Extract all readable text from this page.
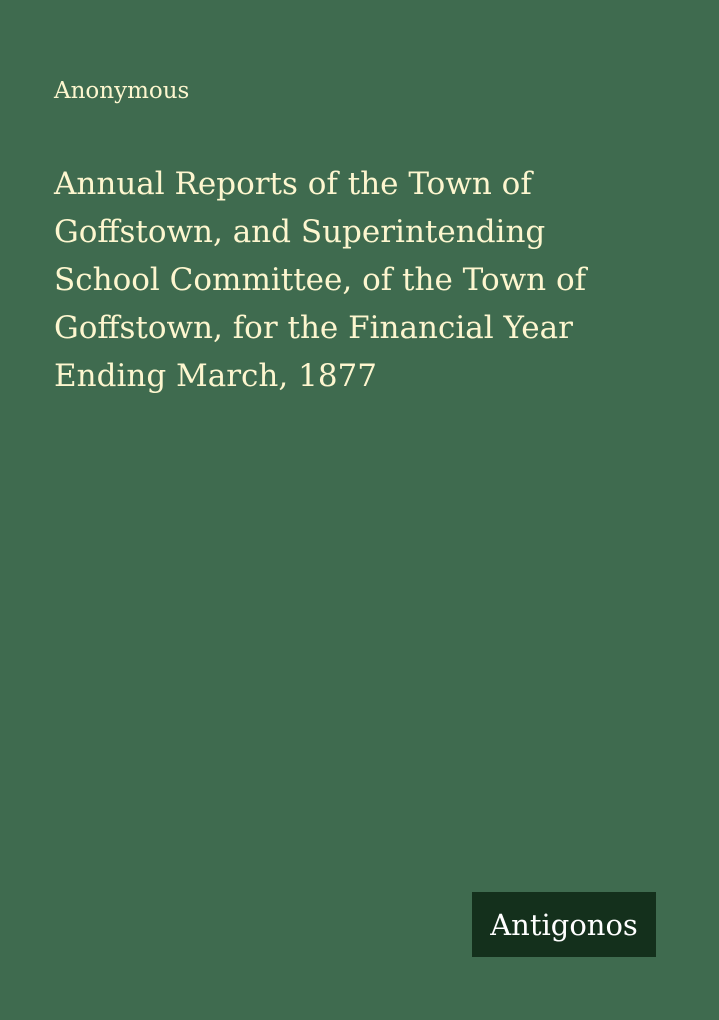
Anonymous
Annual Reports of the Town of
Goffstown, and Superintending
School Committee, of the Town of
Goffstown, for the Financial Year
Ending March, 1877
Antigonos
